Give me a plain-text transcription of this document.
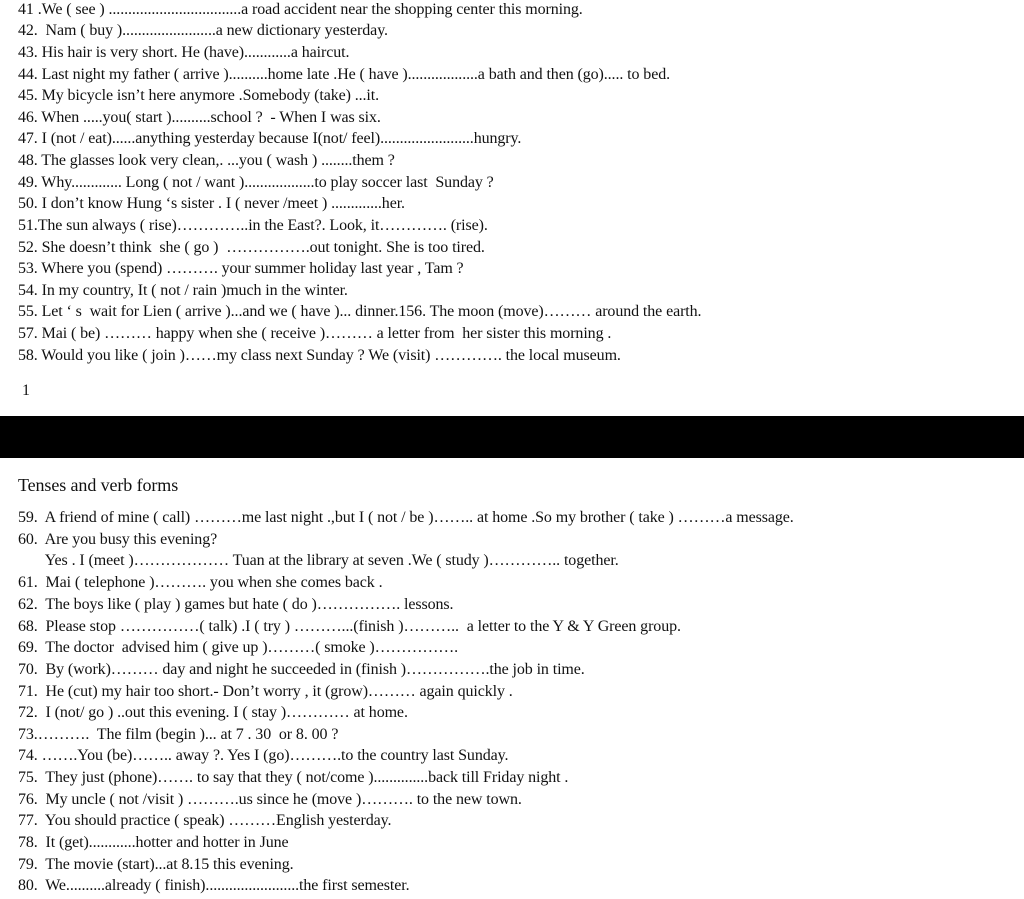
41 .We ( see ) ..................................a road accident near the shopping center this morning.
42.  Nam ( buy )........................a new dictionary yesterday.
43. His hair is very short. He (have)............a haircut.
44. Last night my father ( arrive )..........home late .He ( have )..................a bath and then (go)..... to bed.
45. My bicycle isn’t here anymore .Somebody (take) ...it.
46. When .....you( start )..........school ?  - When I was six.
47. I (not / eat)......anything yesterday because I(not/ feel)........................hungry.
48. The glasses look very clean,. ...you ( wash ) ........them ?
49. Why............. Long ( not / want )..................to play soccer last  Sunday ?
50. I don’t know Hung ‘s sister . I ( never /meet ) .............her.
51.The sun always ( rise)…………..in the East?. Look, it…………. (rise).
52. She doesn’t think  she ( go )  …………….out tonight. She is too tired.
53. Where you (spend) ………. your summer holiday last year , Tam ?
54. In my country, It ( not / rain )much in the winter.
55. Let ‘ s  wait for Lien ( arrive )...and we ( have )... dinner.156. The moon (move)……… around the earth.
57. Mai ( be) ……… happy when she ( receive )……… a letter from  her sister this morning .
58. Would you like ( join )……my class next Sunday ? We (visit) …………. the local museum.
1
Tenses and verb forms
59.  A friend of mine ( call) ………me last night .,but I ( not / be )…….. at home .So my brother ( take ) ………a message.
60.  Are you busy this evening?
Yes . I (meet )……………… Tuan at the library at seven .We ( study )………….. together.
61.  Mai ( telephone )………. you when she comes back .
62.  The boys like ( play ) games but hate ( do )……………. lessons.
68.  Please stop ……………( talk) .I ( try ) ………...(finish )………..  a letter to the Y & Y Green group.
69.  The doctor  advised him ( give up )………( smoke )…………….
70.  By (work)……… day and night he succeeded in (finish )…………….the job in time.
71.  He (cut) my hair too short.- Don’t worry , it (grow)……… again quickly .
72.  I (not/ go ) ..out this evening. I ( stay )………… at home.
73.……….  The film (begin )... at 7 . 30  or 8. 00 ?
74. …….You (be)…….. away ?. Yes I (go)……….to the country last Sunday.
75.  They just (phone)……. to say that they ( not/come )..............back till Friday night .
76.  My uncle ( not /visit ) ……….us since he (move )………. to the new town.
77.  You should practice ( speak) ………English yesterday.
78.  It (get)............hotter and hotter in June
79.  The movie (start)...at 8.15 this evening.
80.  We..........already ( finish)........................the first semester.
